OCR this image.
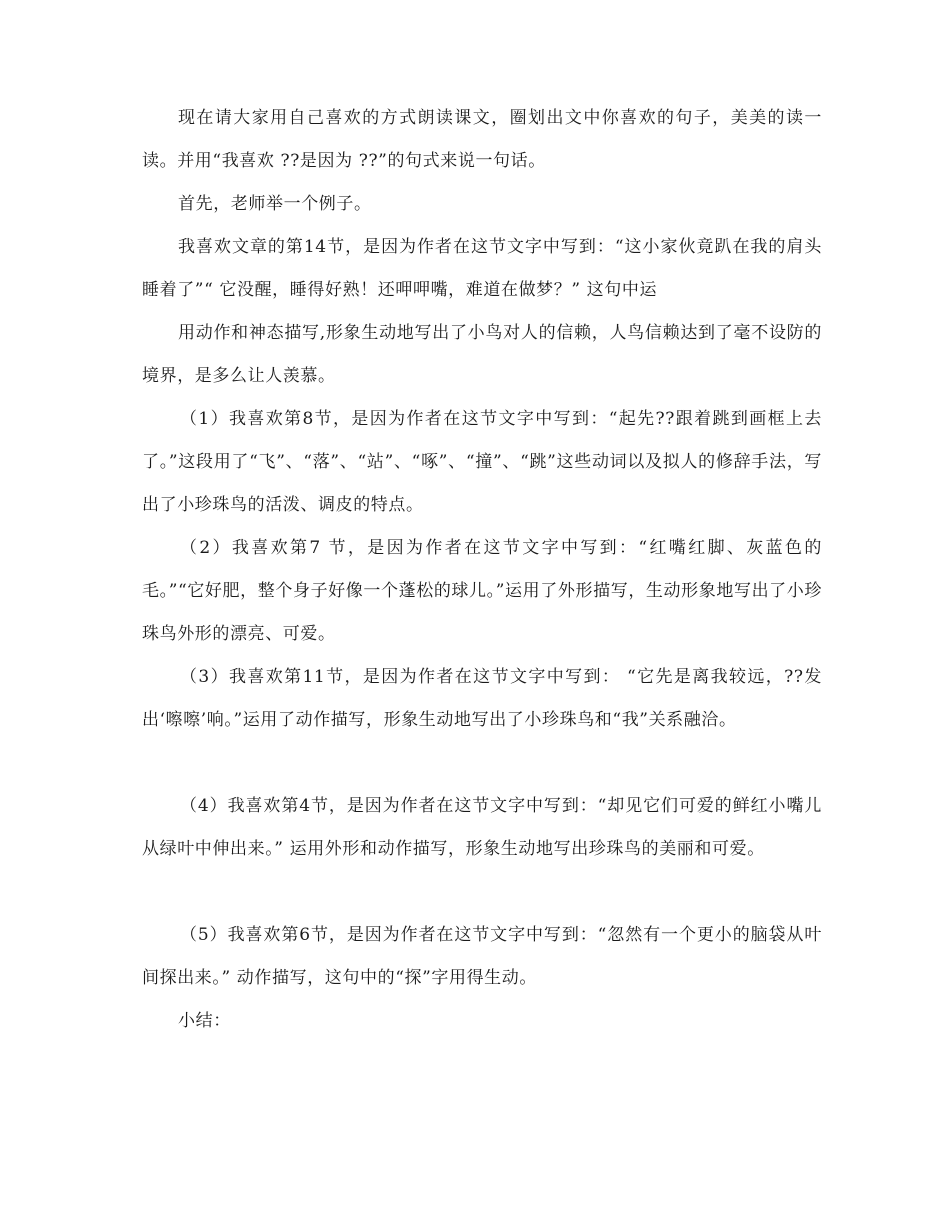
现在请大家用自己喜欢的方式朗读课文，圈划出文中你喜欢的句子，美美的读一读。并用“我喜欢 ??是因为 ??”的句式来说一句话。

首先，老师举一个例子。

我喜欢文章的第14节，是因为作者在这节文字中写到：“这小家伙竟趴在我的肩头睡着了”“ 它没醒，睡得好熟！还呷呷嘴，难道在做梦？” 这句中运

用动作和神态描写,形象生动地写出了小鸟对人的信赖，人鸟信赖达到了毫不设防的境界，是多么让人羡慕。

（1）我喜欢第8节，是因为作者在这节文字中写到：“起先??跟着跳到画框上去了。”这段用了“飞”、“落”、“站”、“啄”、“撞”、“跳”这些动词以及拟人的修辞手法，写出了小珍珠鸟的活泼、调皮的特点。

（2）我喜欢第7 节，是因为作者在这节文字中写到：“红嘴红脚、灰蓝色的毛。”“它好肥，整个身子好像一个蓬松的球儿。”运用了外形描写，生动形象地写出了小珍珠鸟外形的漂亮、可爱。

（3）我喜欢第11节，是因为作者在这节文字中写到： “它先是离我较远，??发出‘嚓嚓’响。”运用了动作描写，形象生动地写出了小珍珠鸟和“我”关系融洽。

（4）我喜欢第4节，是因为作者在这节文字中写到：“却见它们可爱的鲜红小嘴儿从绿叶中伸出来。” 运用外形和动作描写，形象生动地写出珍珠鸟的美丽和可爱。

（5）我喜欢第6节，是因为作者在这节文字中写到：“忽然有一个更小的脑袋从叶间探出来。” 动作描写，这句中的“探”字用得生动。

小结：
